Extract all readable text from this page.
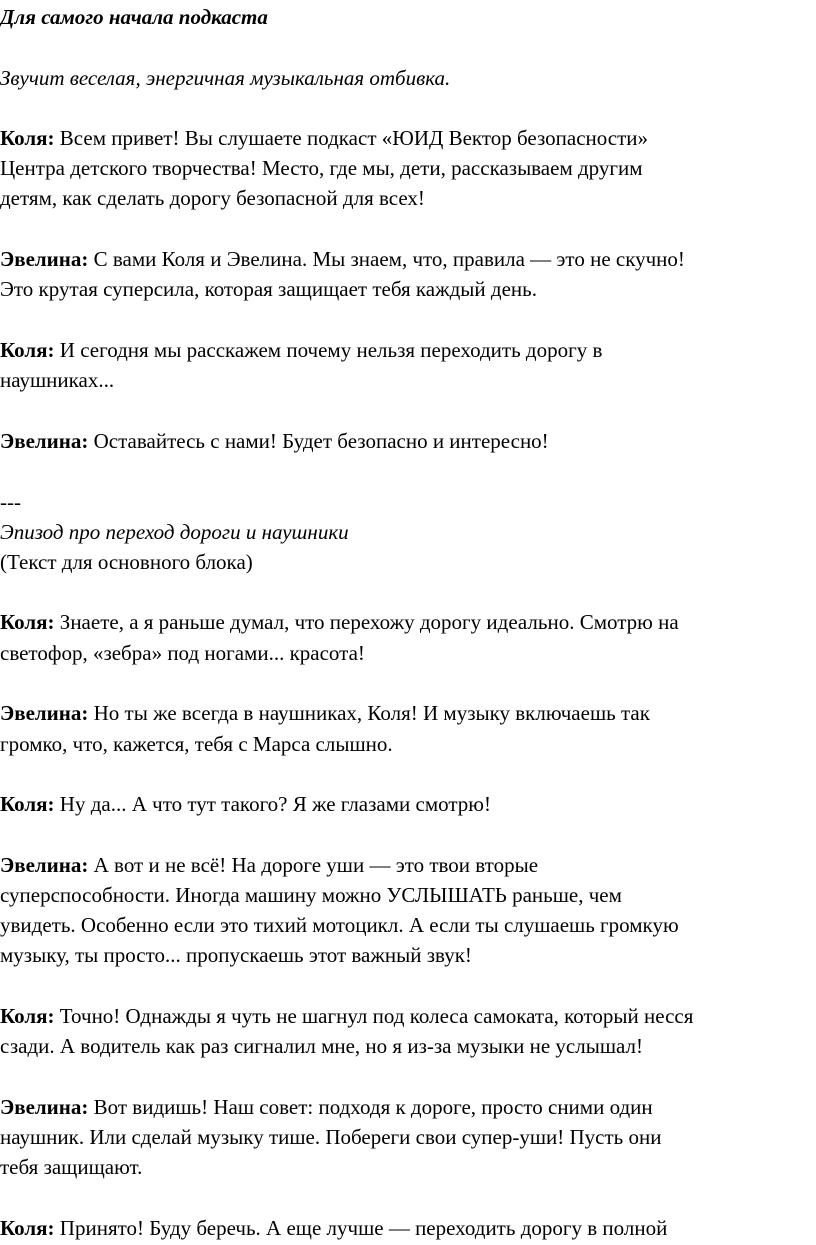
Для самого начала подкаста
Звучит веселая, энергичная музыкальная отбивка.
Коля: Всем привет! Вы слушаете подкаст «ЮИД Вектор безопасности»
Центра детского творчества! Место, где мы, дети, рассказываем другим
детям, как сделать дорогу безопасной для всех!
Эвелина: С вами Коля и Эвелина. Мы знаем, что, правила — это не скучно!
Это крутая суперсила, которая защищает тебя каждый день.
Коля: И сегодня мы расскажем почему нельзя переходить дорогу в
наушниках...
Эвелина: Оставайтесь с нами! Будет безопасно и интересно!
---
Эпизод про переход дороги и наушники
(Текст для основного блока)
Коля: Знаете, а я раньше думал, что перехожу дорогу идеально. Смотрю на
светофор, «зебра» под ногами... красота!
Эвелина: Но ты же всегда в наушниках, Коля! И музыку включаешь так
громко, что, кажется, тебя с Марса слышно.
Коля: Ну да... А что тут такого? Я же глазами смотрю!
Эвелина: А вот и не всё! На дороге уши — это твои вторые
суперспособности. Иногда машину можно УСЛЫШАТЬ раньше, чем
увидеть. Особенно если это тихий мотоцикл. А если ты слушаешь громкую
музыку, ты просто... пропускаешь этот важный звук!
Коля: Точно! Однажды я чуть не шагнул под колеса самоката, который несся
сзади. А водитель как раз сигналил мне, но я из-за музыки не услышал!
Эвелина: Вот видишь! Наш совет: подходя к дороге, просто сними один
наушник. Или сделай музыку тише. Побереги свои супер-уши! Пусть они
тебя защищают.
Коля: Принято! Буду беречь. А еще лучше — переходить дорогу в полной
